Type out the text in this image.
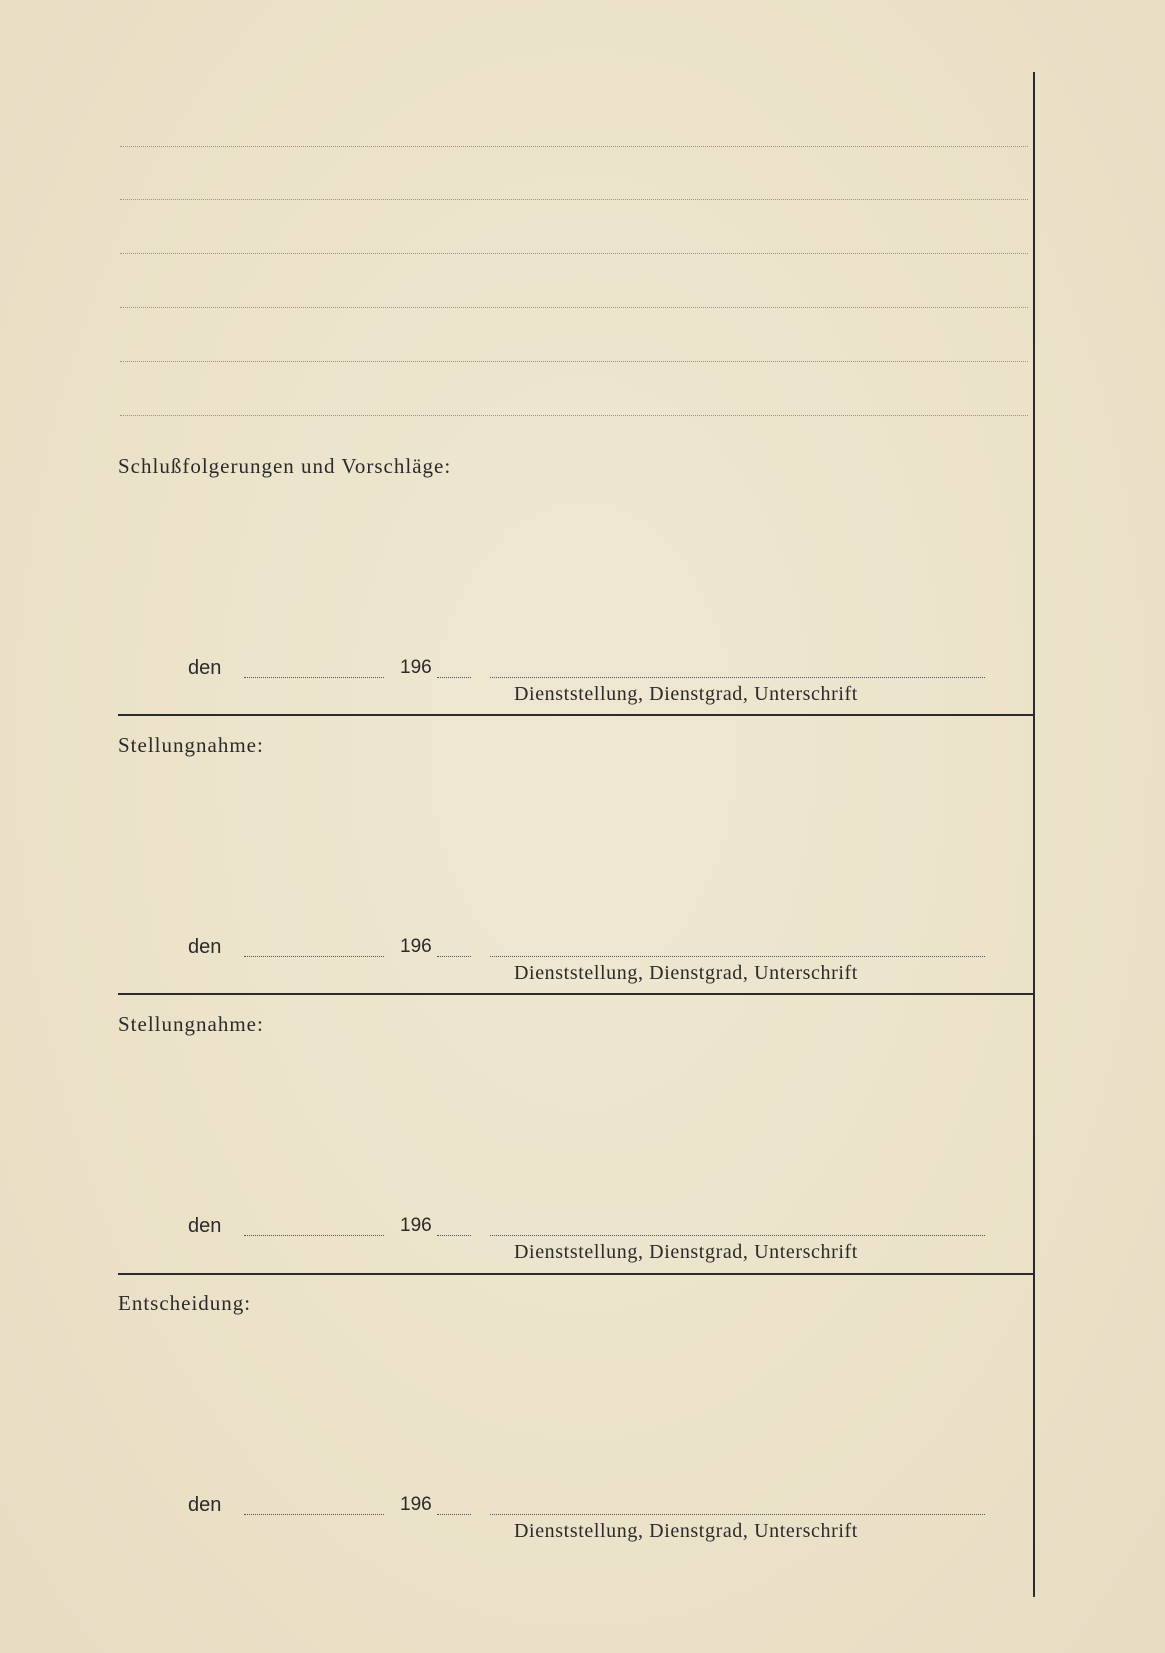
Schlußfolgerungen und Vorschläge:
den	196
Dienststellung, Dienstgrad, Unterschrift
Stellungnahme:
den	196
Dienststellung, Dienstgrad, Unterschrift
Stellungnahme:
den	196
Dienststellung, Dienstgrad, Unterschrift
Entscheidung:
den	196
Dienststellung, Dienstgrad, Unterschrift
